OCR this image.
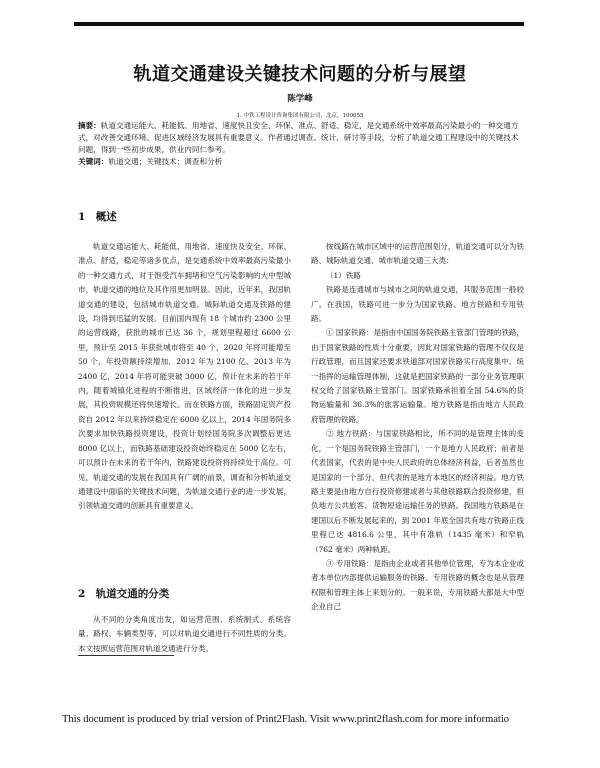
轨道交通建设关键技术问题的分析与展望
陈学峰
1. 中铁工程设计咨询集团有限公司，北京，100055

摘要：轨道交通运能大、耗能低、用地省、速度快且安全、环保、准点、舒适、稳定，是交通系统中效率最高污染最小的一种交通方式，对改善交通环境、促进区域经济发展具有重要意义。作者通过调查、统计、研讨等手段，分析了轨道交通工程建设中的关键技术问题，得到一些初步成果，供业内同仁参考。

关键词：轨道交通；关键技术；调查和分析

1　概述

轨道交通运能大、耗能低、用地省、速度快及安全、环保、准点、舒适，稳定等诸多优点，是交通系统中效率最高污染最小的一种交通方式，对于饱受汽车拥堵和空气污染影响的大中型城市，轨道交通的地位及其作用更加明显。因此，近年来，我国轨道交通的建设，包括城市轨道交通、城际轨道交通及铁路的建设，均得到迅猛的发展。目前国内现有 18 个城市约 2300 公里的运营线路，获批的城市已达 36 个，规划里程超过 6600 公里，预计至 2015 年获批城市将至 40 个，2020 年将可能增至 50 个，年投资额持续增加，2012 年为 2100 亿、2013 年为 2400 亿，2014 年将可能突破 3000 亿，预计在未来的若干年内，随着城镇化进程的不断推进，区域经济一体化的进一步发展，其投资规模还将快速增长。而在铁路方面，铁路固定资产投资自 2012 年以来持续稳定在 6000 亿以上，2014 年国务院多次要求加快铁路投资建设，投资计划经国务院多次调整后更达 8000 亿以上，而铁路基础建设投资始终稳定在 5000 亿左右，可以预计在未来的若干年内，铁路建设投资将持续处于高位。可见，轨道交通的发展在我国具有广阔的前景，调查和分析轨道交通建设中面临的关键技术问题，为轨道交通行业的进一步发展，引领轨道交通的创新具有重要意义。

2　轨道交通的分类

从不同的分类角度出发，如运营范围、系统制式、系统容量、路权、车辆类型等，可以对轨道交通进行不同性质的分类。本文按照运营范围对轨道交通进行分类。

按线路在城市区域中的运营范围划分，轨道交通可以分为铁路、城际轨道交通、城市轨道交通三大类：

（1）铁路

铁路是连通城市与城市之间的轨道交通，其服务范围一般较广。在我国，铁路可进一步分为国家铁路、地方铁路和专用铁路。

① 国家铁路：是指由中国国务院铁路主管部门管理的铁路，由于国家铁路的性质十分重要，因此对国家铁路的管理不仅仅是行政管理，而且国家还要求铁道部对国家铁路实行高度集中、统一指挥的运输管理体制，这就是把国家铁路的一部分业务管理职权交给了国家铁路主管部门。国家铁路承担着全国 54.6%的货物运输量和 36.3%的旅客运输量。地方铁路是指由地方人民政府管理的铁路。

② 地方铁路：与国家铁路相比，所不同的是管理主体的变化，一个是国务院铁路主管部门，一个是地方人民政府；前者是代表国家，代表的是中央人民政府的总体经济利益，后者虽然也是国家的一个部分，但代表的是地方本地区的经济利益。地方铁路主要是由地方自行投资修建或者与其他铁路联合投资修建，担负地方公共旅客、货物短途运输任务的铁路。我国地方铁路是在建国以后不断发展起来的，到 2001 年底全国共有地方铁路正线里程已达 4816.6 公里，其中有准轨（1435 毫米）和窄轨（762 毫米）两种轨距。

③ 专用铁路：是指由企业或者其他单位管理，专为本企业或者本单位内部提供运输服务的铁路。专用铁路的概念也是从管理权限和管理主体上来划分的。一般来说，专用铁路大都是大中型企业自己

This document is produced by trial version of Print2Flash. Visit www.print2flash.com for more informatio
